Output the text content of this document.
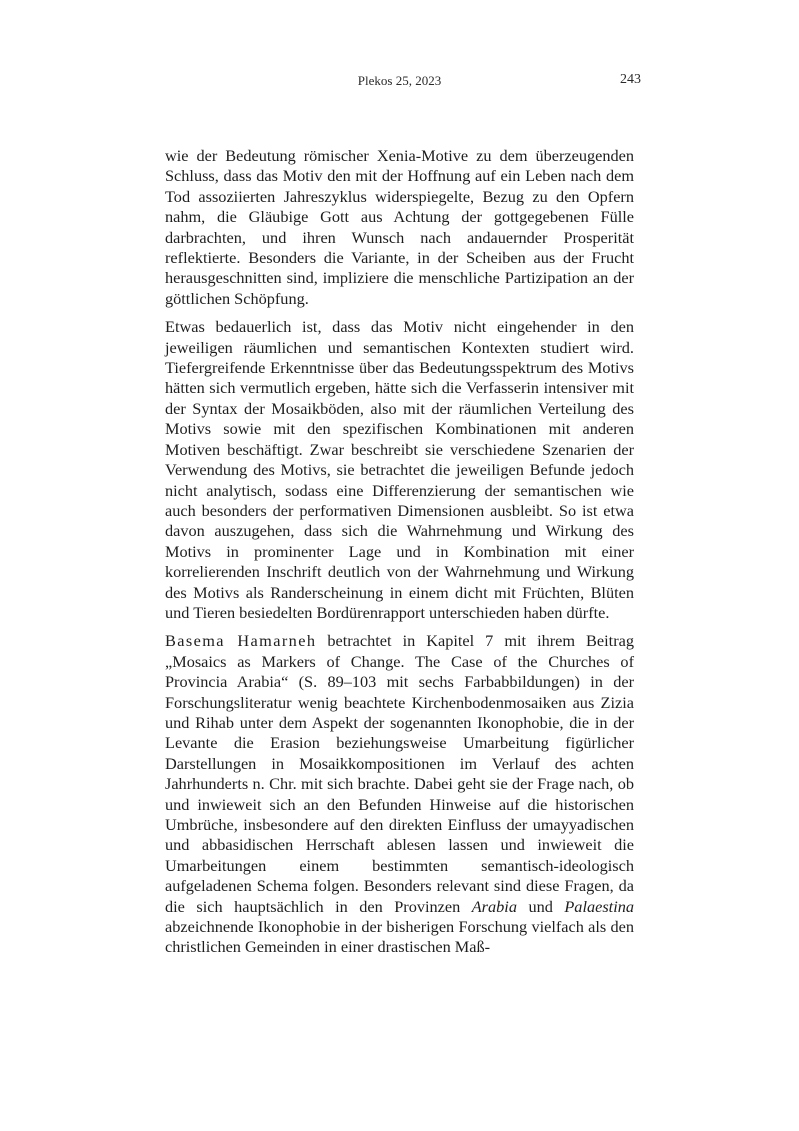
Plekos 25, 2023	243

wie der Bedeutung römischer Xenia-Motive zu dem überzeugenden Schluss, dass das Motiv den mit der Hoffnung auf ein Leben nach dem Tod assoziierten Jahreszyklus widerspiegelte, Bezug zu den Opfern nahm, die Gläubige Gott aus Achtung der gottgegebenen Fülle darbrachten, und ihren Wunsch nach andauernder Prosperität reflektierte. Besonders die Variante, in der Scheiben aus der Frucht herausgeschnitten sind, impliziere die menschliche Partizipation an der göttlichen Schöpfung.

Etwas bedauerlich ist, dass das Motiv nicht eingehender in den jeweiligen räumlichen und semantischen Kontexten studiert wird. Tiefergreifende Erkenntnisse über das Bedeutungsspektrum des Motivs hätten sich vermutlich ergeben, hätte sich die Verfasserin intensiver mit der Syntax der Mosaikböden, also mit der räumlichen Verteilung des Motivs sowie mit den spezifischen Kombinationen mit anderen Motiven beschäftigt. Zwar beschreibt sie verschiedene Szenarien der Verwendung des Motivs, sie betrachtet die jeweiligen Befunde jedoch nicht analytisch, sodass eine Differenzierung der semantischen wie auch besonders der performativen Dimensionen ausbleibt. So ist etwa davon auszugehen, dass sich die Wahrnehmung und Wirkung des Motivs in prominenter Lage und in Kombination mit einer korrelierenden Inschrift deutlich von der Wahrnehmung und Wirkung des Motivs als Randerscheinung in einem dicht mit Früchten, Blüten und Tieren besiedelten Bordürenrapport unterschieden haben dürfte.

Basema Hamarneh betrachtet in Kapitel 7 mit ihrem Beitrag „Mosaics as Markers of Change. The Case of the Churches of Provincia Arabia“ (S. 89–103 mit sechs Farbabbildungen) in der Forschungsliteratur wenig beachtete Kirchenbodenmosaiken aus Zizia und Rihab unter dem Aspekt der sogenannten Ikonophobie, die in der Levante die Erasion beziehungsweise Umarbeitung figürlicher Darstellungen in Mosaikkompositionen im Verlauf des achten Jahrhunderts n. Chr. mit sich brachte. Dabei geht sie der Frage nach, ob und inwieweit sich an den Befunden Hinweise auf die historischen Umbrüche, insbesondere auf den direkten Einfluss der umayyadischen und abbasidischen Herrschaft ablesen lassen und inwieweit die Umarbeitungen einem bestimmten semantisch-ideologisch aufgeladenen Schema folgen. Besonders relevant sind diese Fragen, da die sich hauptsächlich in den Provinzen Arabia und Palaestina abzeichnende Ikonophobie in der bisherigen Forschung vielfach als den christlichen Gemeinden in einer drastischen Maß-
